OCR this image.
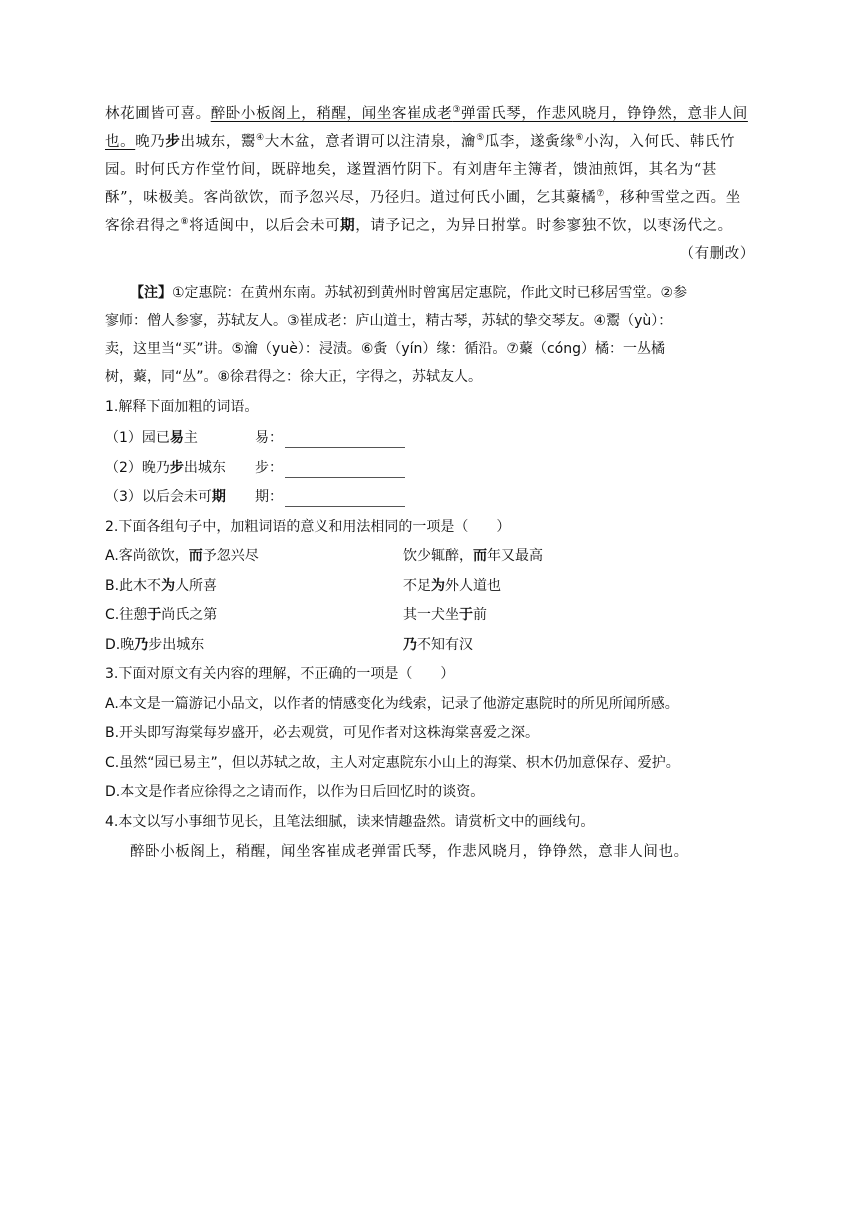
林花圃皆可喜。醉卧小板阁上，稍醒，闻坐客崔成老③弹雷氏琴，作悲风晓月，铮铮然，意非人间
也。晚乃步出城东，鬻④大木盆，意者谓可以注清泉，瀹⑤瓜李，遂夤缘⑥小沟，入何氏、韩氏竹
园。时何氏方作堂竹间，既辟地矣，遂置酒竹阴下。有刘唐年主簿者，馈油煎饵，其名为“甚
酥”，味极美。客尚欲饮，而予忽兴尽，乃径归。道过何氏小圃，乞其藂橘⑦，移种雪堂之西。坐
客徐君得之⑧将适闽中，以后会未可期，请予记之，为异日拊掌。时参寥独不饮，以枣汤代之。
（有删改）
【注】①定惠院：在黄州东南。苏轼初到黄州时曾寓居定惠院，作此文时已移居雪堂。②参
寥师：僧人参寥，苏轼友人。③崔成老：庐山道士，精古琴，苏轼的挚交琴友。④鬻（yù）：
卖，这里当“买”讲。⑤瀹（yuè）：浸渍。⑥夤（yín）缘：循沿。⑦藂（cóng）橘：一丛橘
树，藂，同“丛”。⑧徐君得之：徐大正，字得之，苏轼友人。
1.解释下面加粗的词语。
（1）园已易主	易：
（2）晚乃步出城东 步：
（3）以后会未可期 期：
2.下面各组句子中，加粗词语的意义和用法相同的一项是（　　）
A.客尚欲饮，而予忽兴尽	饮少辄醉，而年又最高
B.此木不为人所喜	不足为外人道也
C.往憩于尚氏之第	其一犬坐于前
D.晚乃步出城东	乃不知有汉
3.下面对原文有关内容的理解，不正确的一项是（　　）
A.本文是一篇游记小品文，以作者的情感变化为线索，记录了他游定惠院时的所见所闻所感。
B.开头即写海棠每岁盛开，必去观赏，可见作者对这株海棠喜爱之深。
C.虽然“园已易主”，但以苏轼之故，主人对定惠院东小山上的海棠、枳木仍加意保存、爱护。
D.本文是作者应徐得之之请而作，以作为日后回忆时的谈资。
4.本文以写小事细节见长，且笔法细腻，读来情趣盎然。请赏析文中的画线句。
醉卧小板阁上，稍醒，闻坐客崔成老弹雷氏琴，作悲风晓月，铮铮然，意非人间也。
